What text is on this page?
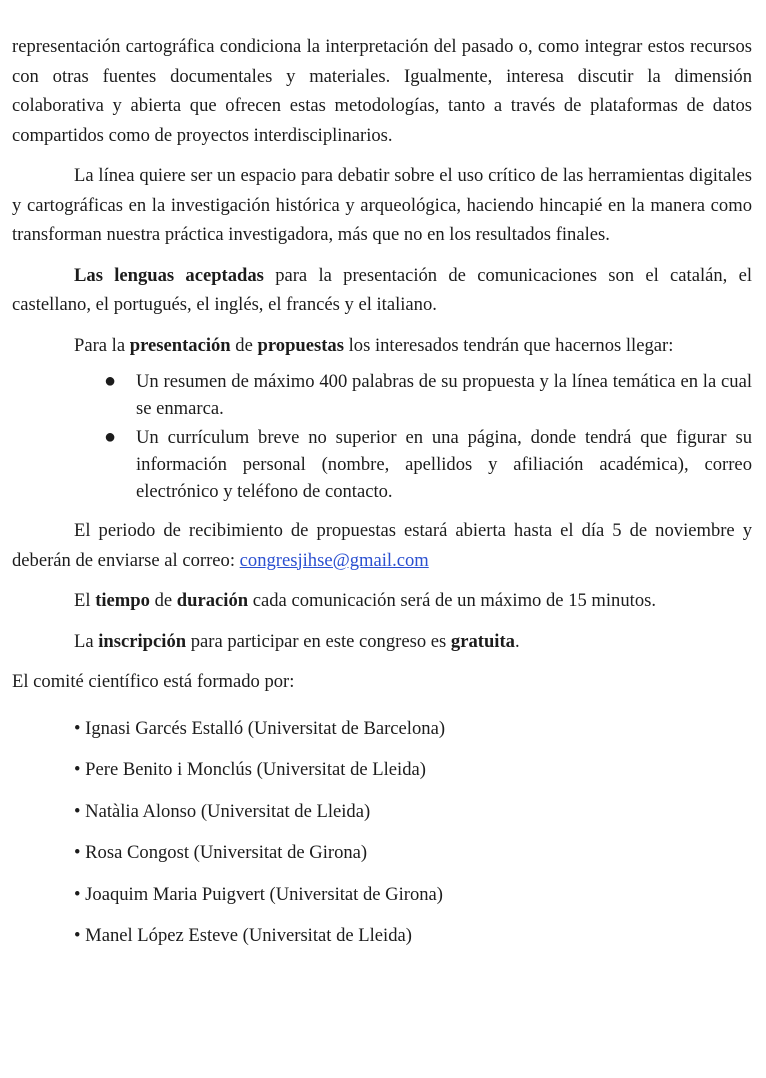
representación cartográfica condiciona la interpretación del pasado o, como integrar estos recursos con otras fuentes documentales y materiales. Igualmente, interesa discutir la dimensión colaborativa y abierta que ofrecen estas metodologías, tanto a través de plataformas de datos compartidos como de proyectos interdisciplinarios.

La línea quiere ser un espacio para debatir sobre el uso crítico de las herramientas digitales y cartográficas en la investigación histórica y arqueológica, haciendo hincapié en la manera como transforman nuestra práctica investigadora, más que no en los resultados finales.

Las lenguas aceptadas para la presentación de comunicaciones son el catalán, el castellano, el portugués, el inglés, el francés y el italiano.

Para la presentación de propuestas los interesados tendrán que hacernos llegar:

● Un resumen de máximo 400 palabras de su propuesta y la línea temática en la cual se enmarca.
● Un currículum breve no superior en una página, donde tendrá que figurar su información personal (nombre, apellidos y afiliación académica), correo electrónico y teléfono de contacto.

El periodo de recibimiento de propuestas estará abierta hasta el día 5 de noviembre y deberán de enviarse al correo: congresjihse@gmail.com

El tiempo de duración cada comunicación será de un máximo de 15 minutos.

La inscripción para participar en este congreso es gratuita.

El comité científico está formado por:

• Ignasi Garcés Estalló (Universitat de Barcelona)
• Pere Benito i Monclús (Universitat de Lleida)
• Natàlia Alonso (Universitat de Lleida)
• Rosa Congost (Universitat de Girona)
• Joaquim Maria Puigvert (Universitat de Girona)
• Manel López Esteve (Universitat de Lleida)
